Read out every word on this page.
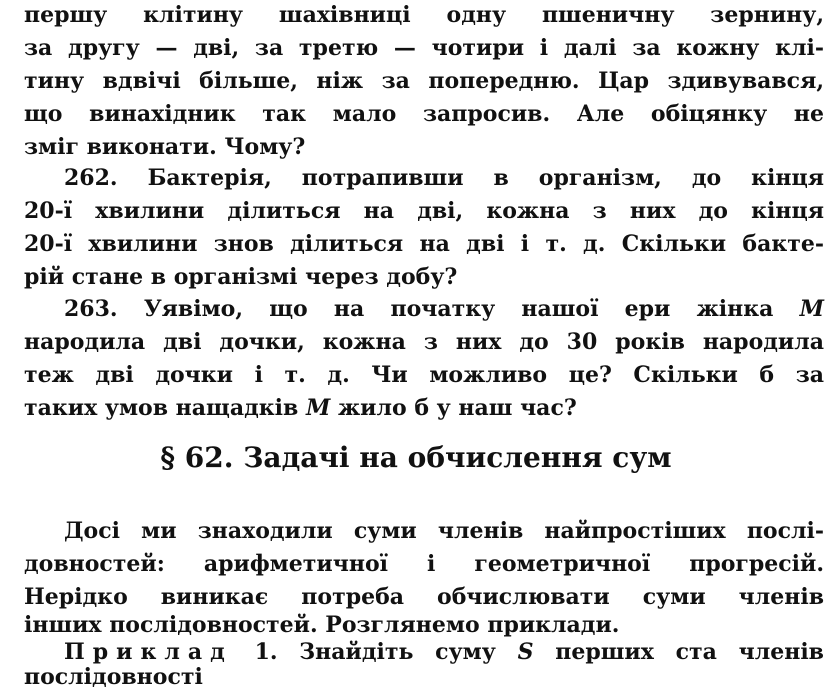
першу клітину шахівниці одну пшеничну зернину,
за другу — дві, за третю — чотири і далі за кожну клі-
тину вдвічі більше, ніж за попередню. Цар здивувався,
що винахідник так мало запросив. Але обіцянку не
зміг виконати. Чому?
262. Бактерія, потрапивши в організм, до кінця
20-ї хвилини ділиться на дві, кожна з них до кінця
20-ї хвилини знов ділиться на дві і т. д. Скільки бакте-
рій стане в організмі через добу?
263. Уявімо, що на початку нашої ери жінка M
народила дві дочки, кожна з них до 30 років народила
теж дві дочки і т. д. Чи можливо це? Скільки б за
таких умов нащадків M жило б у наш час?
§ 62. Задачі на обчислення сум
Досі ми знаходили суми членів найпростіших послі-
довностей: арифметичної і геометричної прогресій.
Нерідко виникає потреба обчислювати суми членів
інших послідовностей. Розглянемо приклади.
Приклад 1. Знайдіть суму S перших ста членів
послідовності
